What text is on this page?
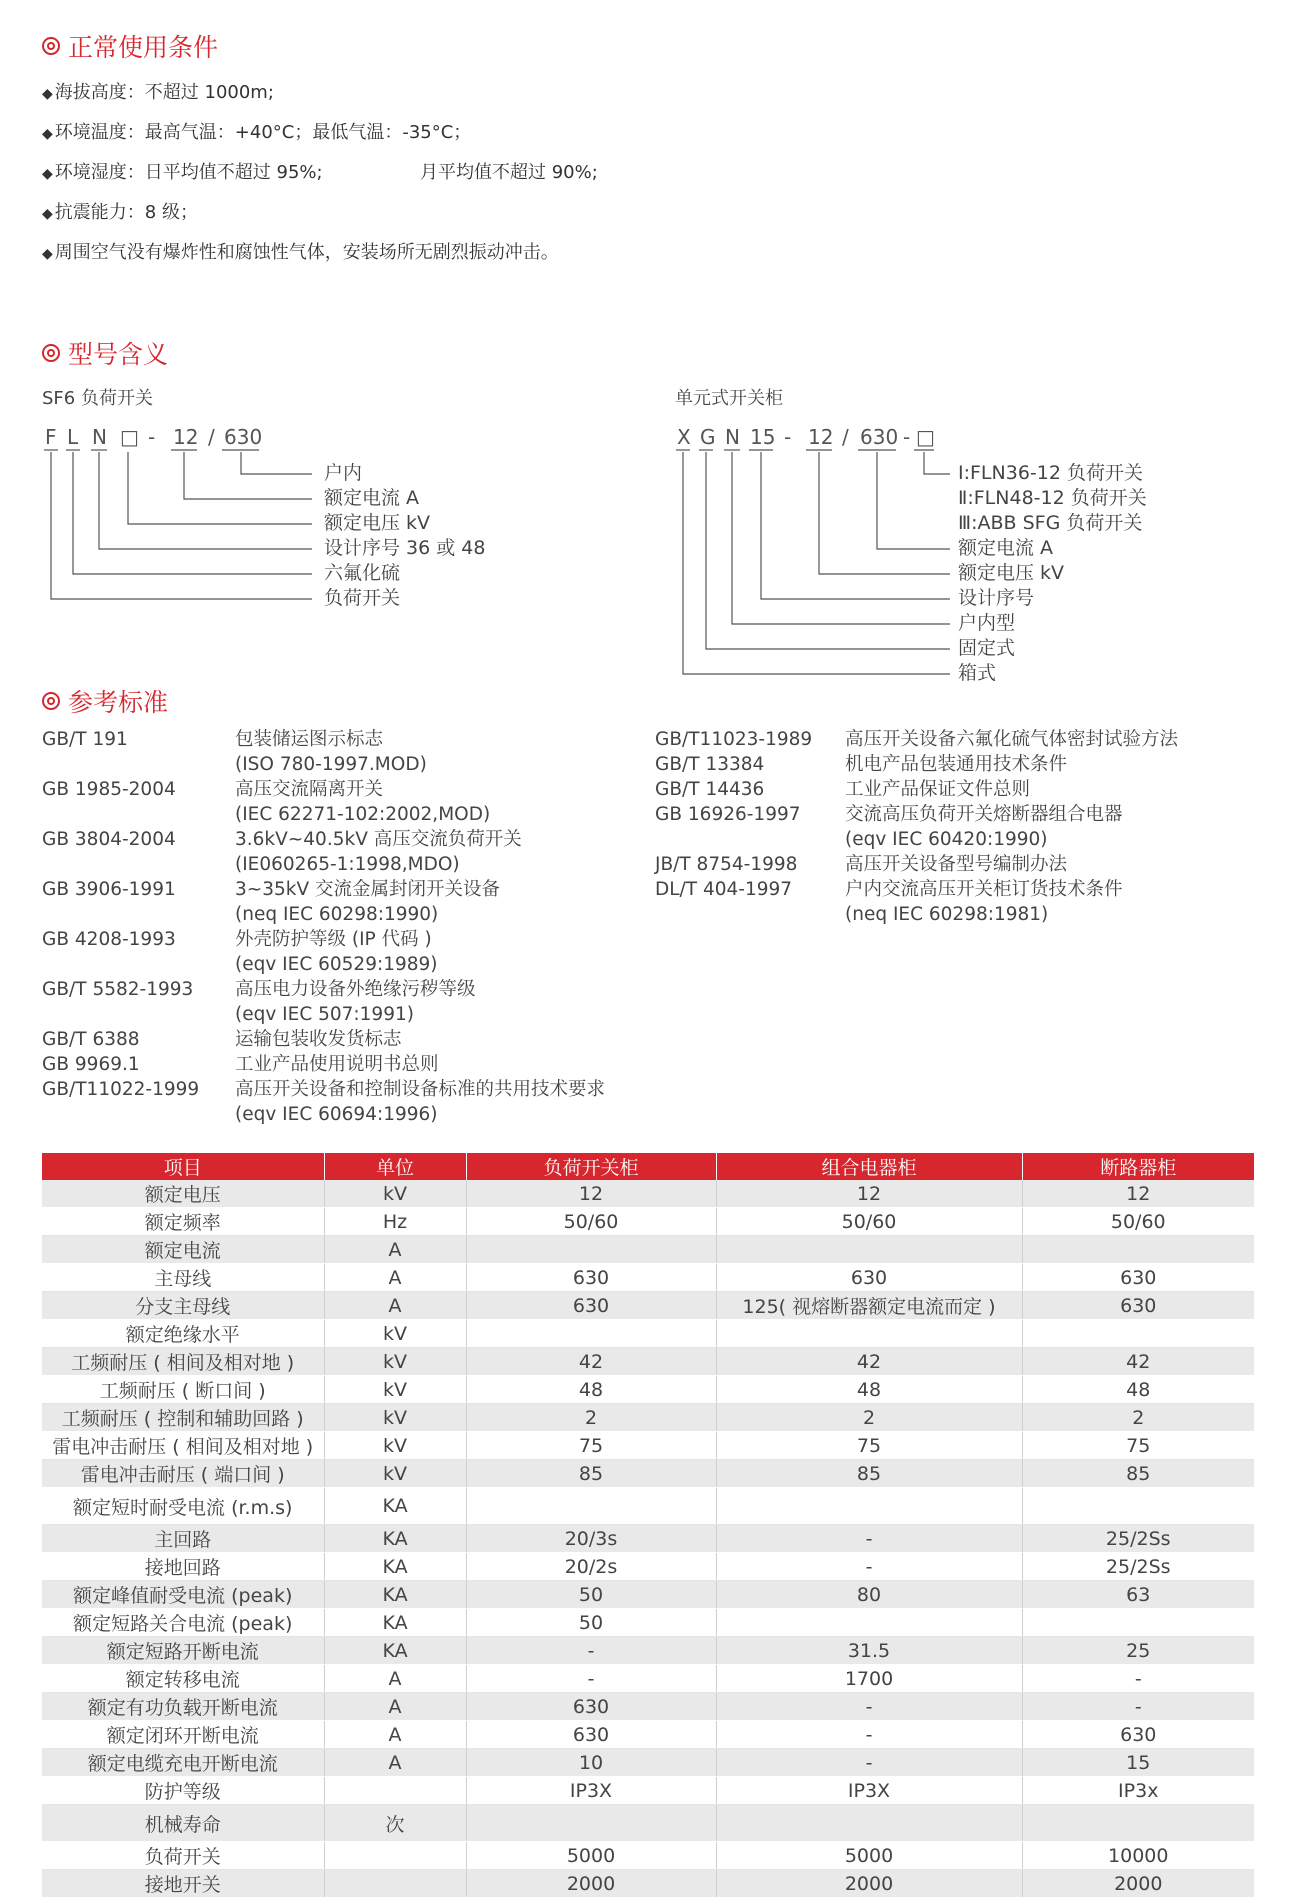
正常使用条件
◆ 海拔高度：不超过 1000m;
◆ 环境温度：最高气温：+40°C；最低气温：-35°C；
◆ 环境湿度：日平均值不超过 95%;	月平均值不超过 90%;
◆ 抗震能力：8 级；
◆ 周围空气没有爆炸性和腐蚀性气体，安装场所无剧烈振动冲击。
型号含义
SF6 负荷开关	单元式开关柜
F L N □ - 12 / 630
户内
额定电流 A
额定电压 kV
设计序号 36 或 48
六氟化硫
负荷开关
X G N 15 - 12 / 630 - □
Ⅰ:FLN36-12 负荷开关
Ⅱ:FLN48-12 负荷开关
Ⅲ:ABB SFG 负荷开关
额定电流 A
额定电压 kV
设计序号
户内型
固定式
箱式
参考标准
GB/T 191	包装储运图示标志
(ISO 780-1997.MOD)
GB 1985-2004	高压交流隔离开关
(IEC 62271-102:2002,MOD)
GB 3804-2004	3.6kV~40.5kV 高压交流负荷开关
(IE060265-1:1998,MDO)
GB 3906-1991	3~35kV 交流金属封闭开关设备
(neq IEC 60298:1990)
GB 4208-1993	外壳防护等级 (IP 代码 )
(eqv IEC 60529:1989)
GB/T 5582-1993 高压电力设备外绝缘污秽等级
(eqv IEC 507:1991)
GB/T 6388	运输包装收发货标志
GB 9969.1	工业产品使用说明书总则
GB/T11022-1999 高压开关设备和控制设备标准的共用技术要求
(eqv IEC 60694:1996)
GB/T11023-1989 高压开关设备六氟化硫气体密封试验方法
GB/T 13384	机电产品包装通用技术条件
GB/T 14436	工业产品保证文件总则
GB 16926-1997 交流高压负荷开关熔断器组合电器
(eqv IEC 60420:1990)
JB/T 8754-1998	高压开关设备型号编制办法
DL/T 404-1997	户内交流高压开关柜订货技术条件
(neq IEC 60298:1981)
项目	单位	负荷开关柜	组合电器柜	断路器柜
额定电压	kV	12	12	12
额定频率	Hz	50/60	50/60	50/60
额定电流	A			
主母线	A	630	630	630
分支主母线	A	630	125( 视熔断器额定电流而定 )	630
额定绝缘水平	kV			
工频耐压 ( 相间及相对地 )	kV	42	42	42
工频耐压 ( 断口间 )	kV	48	48	48
工频耐压 ( 控制和辅助回路 )	kV	2	2	2
雷电冲击耐压 ( 相间及相对地 )	kV	75	75	75
雷电冲击耐压 ( 端口间 )	kV	85	85	85
额定短时耐受电流 (r.m.s)	KA			
主回路	KA	20/3s	-	25/2Ss
接地回路	KA	20/2s	-	25/2Ss
额定峰值耐受电流 (peak)	KA	50	80	63
额定短路关合电流 (peak)	KA	50		
额定短路开断电流	KA	-	31.5	25
额定转移电流	A	-	1700	-
额定有功负载开断电流	A	630	-	-
额定闭环开断电流	A	630	-	630
额定电缆充电开断电流	A	10	-	15
防护等级		IP3X	IP3X	IP3x
机械寿命	次			
负荷开关		5000	5000	10000
接地开关		2000	2000	2000
